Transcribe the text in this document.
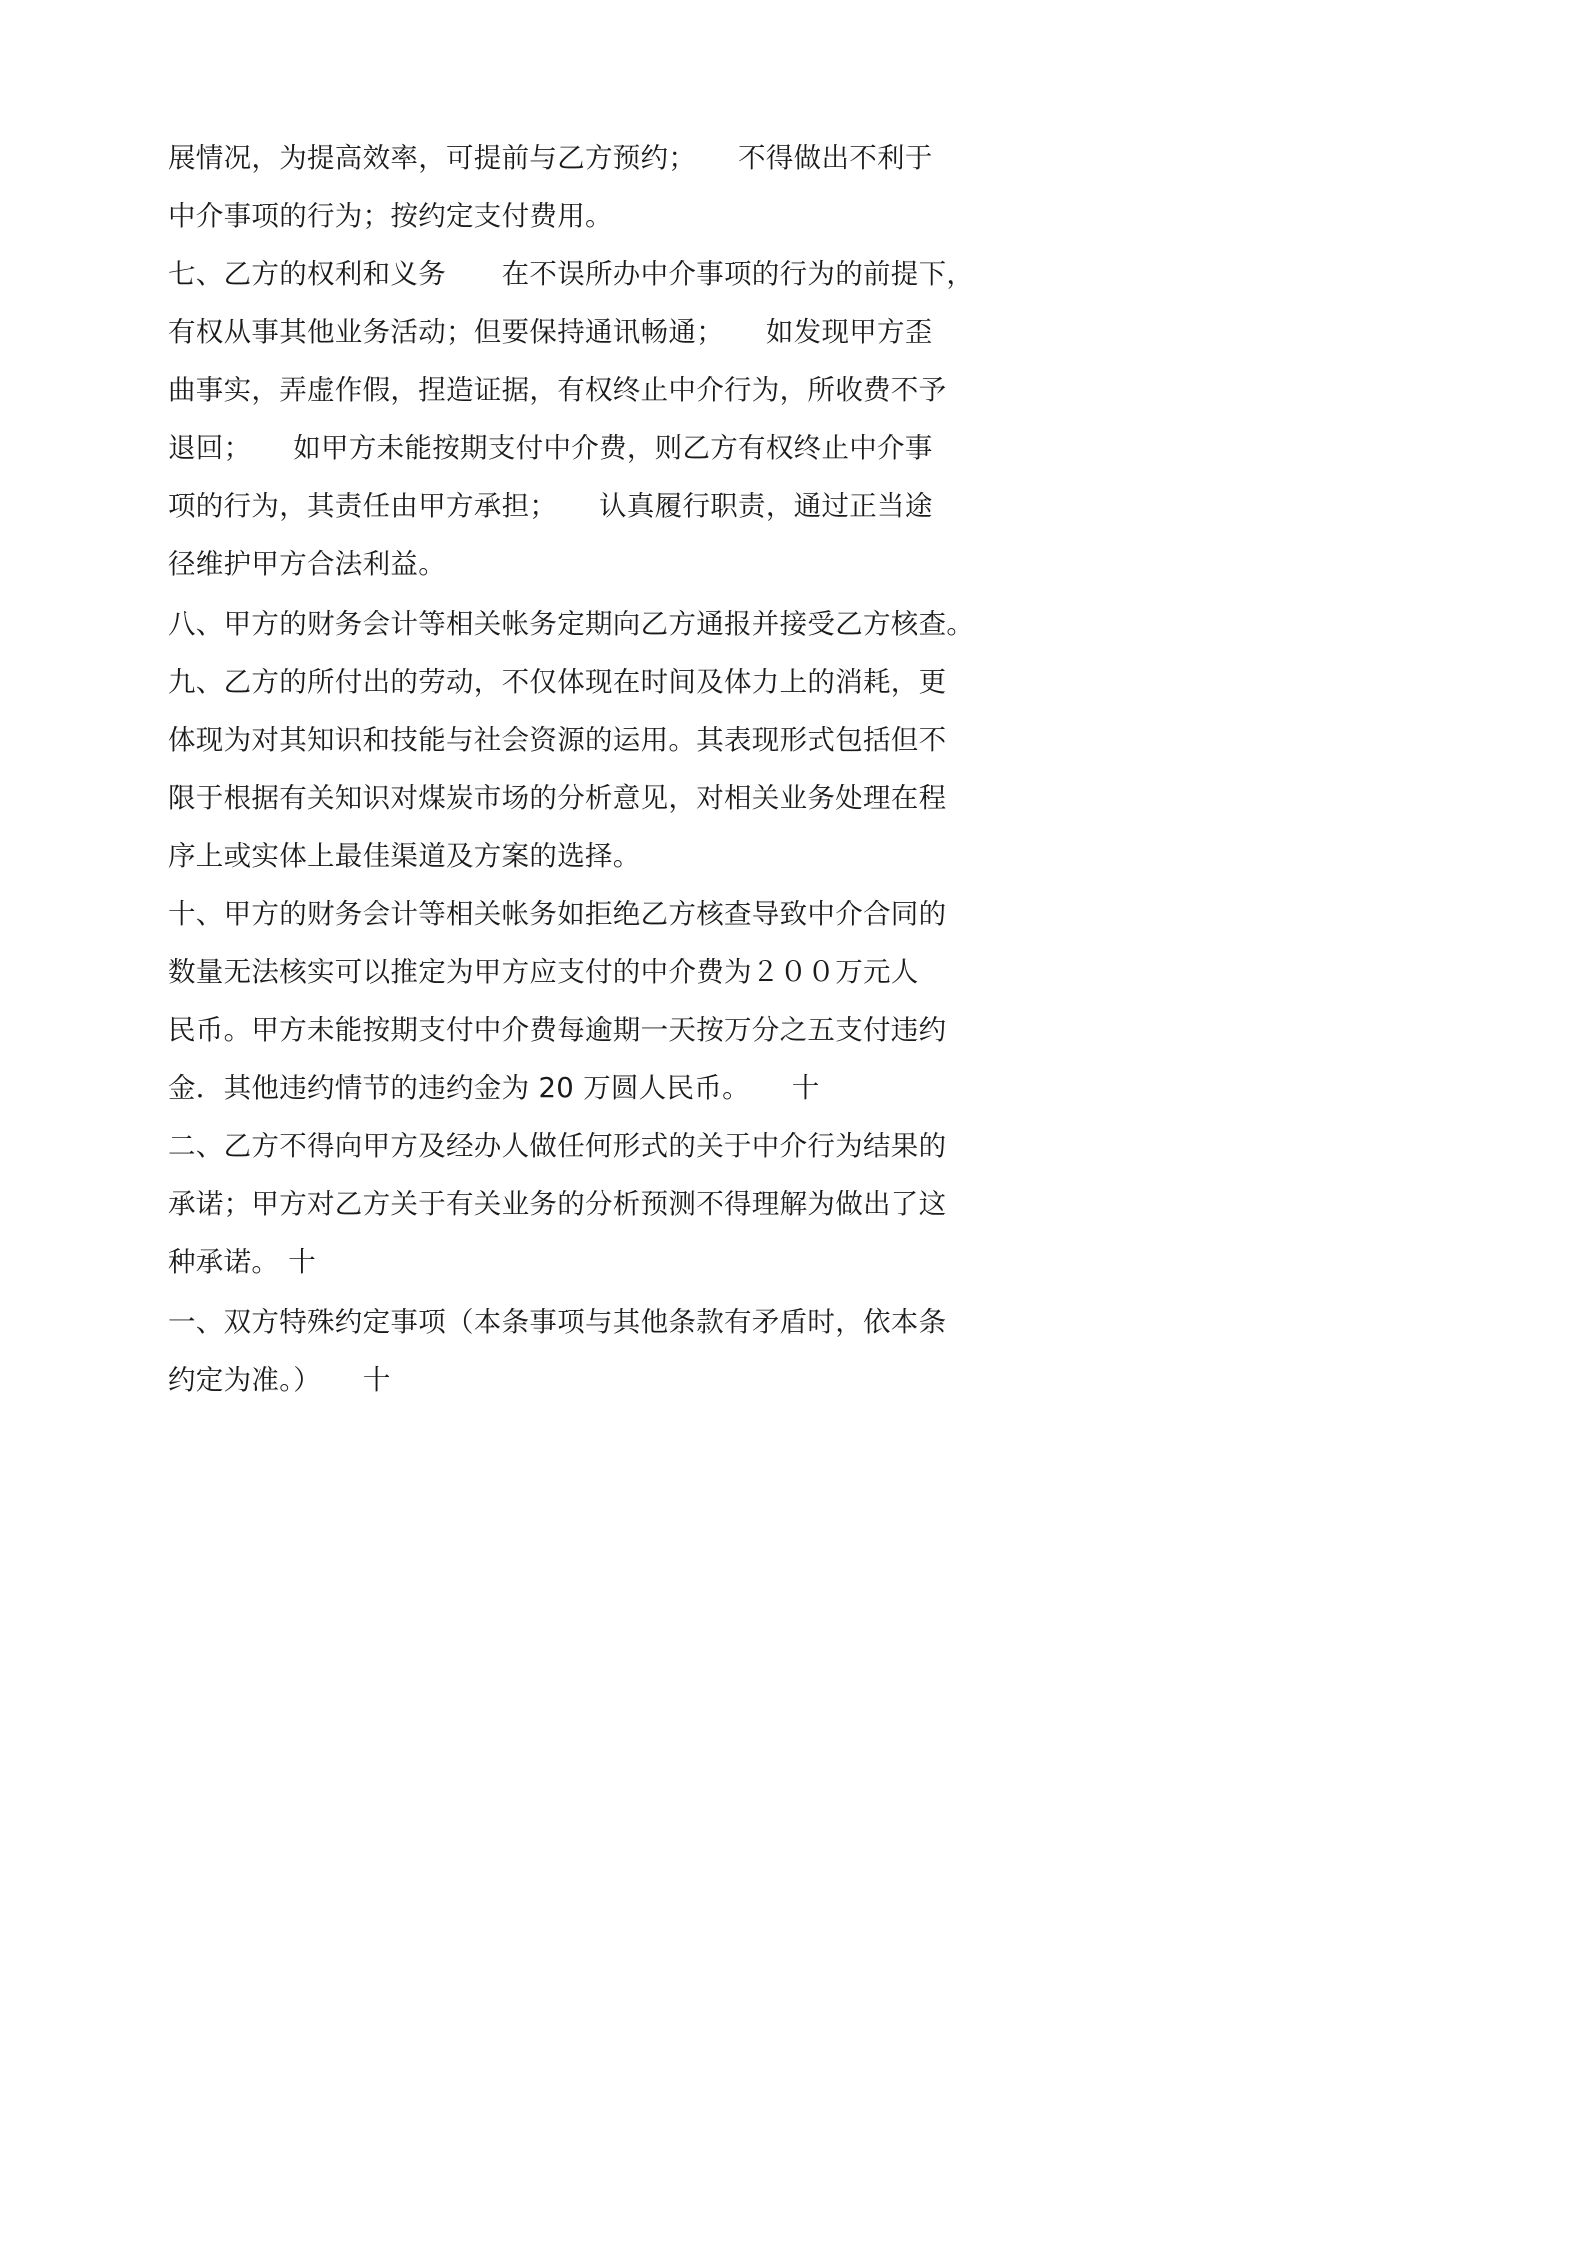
展情况，为提高效率，可提前与乙方预约；　　不得做出不利于
中介事项的行为；按约定支付费用。
七、乙方的权利和义务　　在不误所办中介事项的行为的前提下，
有权从事其他业务活动；但要保持通讯畅通；　　如发现甲方歪
曲事实，弄虚作假，捏造证据，有权终止中介行为，所收费不予
退回；　　如甲方未能按期支付中介费，则乙方有权终止中介事
项的行为，其责任由甲方承担；　　认真履行职责，通过正当途
径维护甲方合法利益。
八、甲方的财务会计等相关帐务定期向乙方通报并接受乙方核查。
九、乙方的所付出的劳动，不仅体现在时间及体力上的消耗，更
体现为对其知识和技能与社会资源的运用。其表现形式包括但不
限于根据有关知识对煤炭市场的分析意见，对相关业务处理在程
序上或实体上最佳渠道及方案的选择。
十、甲方的财务会计等相关帐务如拒绝乙方核查导致中介合同的
数量无法核实可以推定为甲方应支付的中介费为２００万元人
民币。甲方未能按期支付中介费每逾期一天按万分之五支付违约
金．其他违约情节的违约金为 20 万圆人民币。　　十
二、乙方不得向甲方及经办人做任何形式的关于中介行为结果的
承诺；甲方对乙方关于有关业务的分析预测不得理解为做出了这
种承诺。 十
一、双方特殊约定事项（本条事项与其他条款有矛盾时，依本条
约定为准。）　　十
